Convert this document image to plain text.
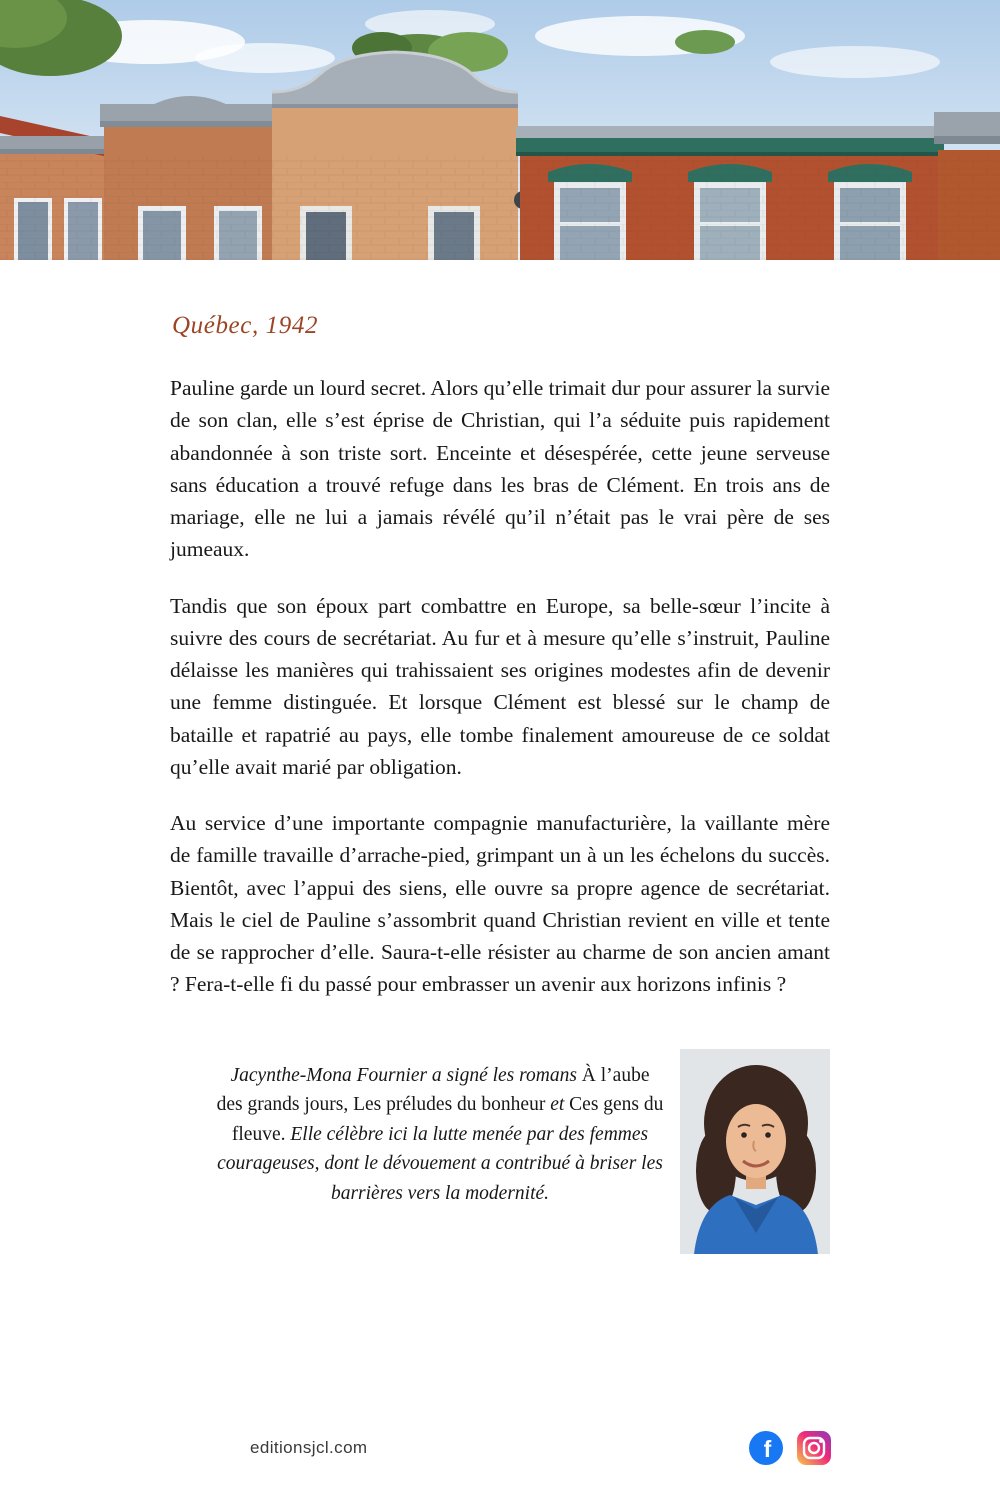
Québec, 1942

Pauline garde un lourd secret. Alors qu’elle trimait dur pour assurer la survie de son clan, elle s’est éprise de Christian, qui l’a séduite puis rapidement abandonnée à son triste sort. Enceinte et désespérée, cette jeune serveuse sans éducation a trouvé refuge dans les bras de Clément. En trois ans de mariage, elle ne lui a jamais révélé qu’il n’était pas le vrai père de ses jumeaux.

Tandis que son époux part combattre en Europe, sa belle-sœur l’incite à suivre des cours de secrétariat. Au fur et à mesure qu’elle s’instruit, Pauline délaisse les manières qui trahissaient ses origines modestes afin de devenir une femme distinguée. Et lorsque Clément est blessé sur le champ de bataille et rapatrié au pays, elle tombe finalement amoureuse de ce soldat qu’elle avait marié par obligation.

Au service d’une importante compagnie manufacturière, la vaillante mère de famille travaille d’arrache-pied, grimpant un à un les échelons du succès. Bientôt, avec l’appui des siens, elle ouvre sa propre agence de secrétariat. Mais le ciel de Pauline s’assombrit quand Christian revient en ville et tente de se rapprocher d’elle. Saura-t-elle résister au charme de son ancien amant ? Fera-t-elle fi du passé pour embrasser un avenir aux horizons infinis ?

Jacynthe-Mona Fournier a signé les romans À l’aube des grands jours, Les préludes du bonheur et Ces gens du fleuve. Elle célèbre ici la lutte menée par des femmes courageuses, dont le dévouement a contribué à briser les barrières vers la modernité.
editionsjcl.com	f
